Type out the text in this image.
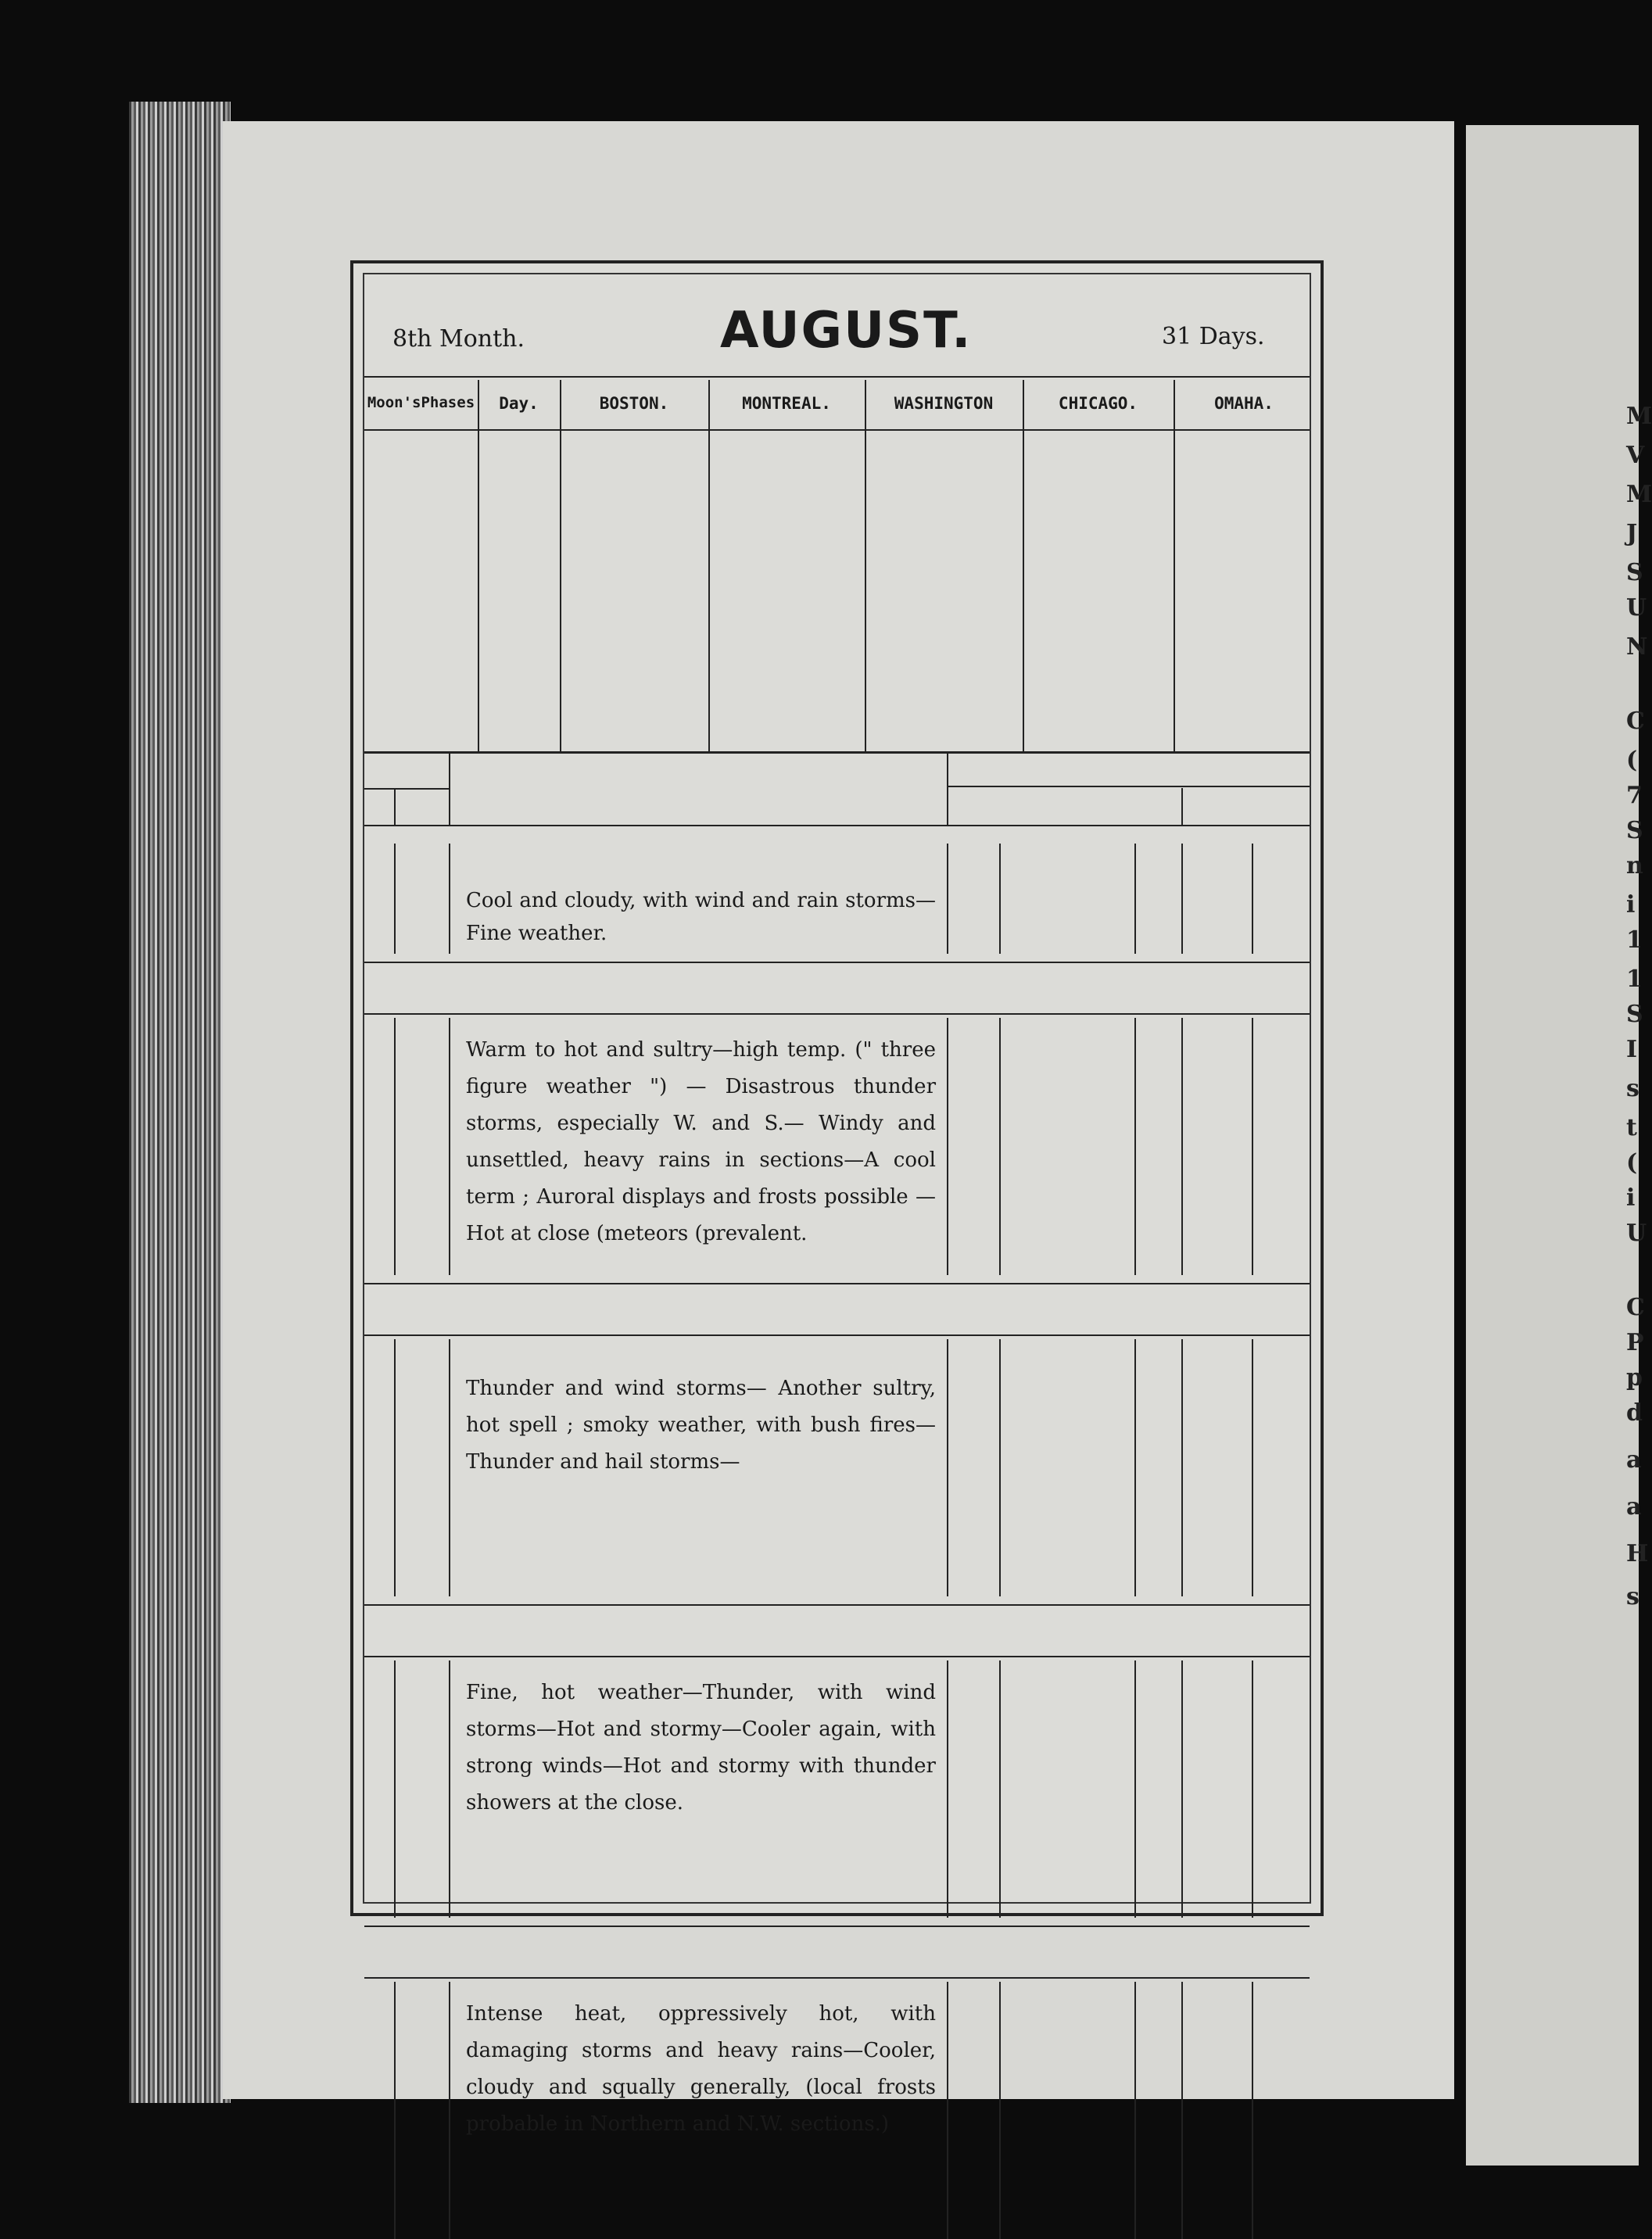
M
V
M
J
S
U
N
C
(
7
S
n
i
1
1
S
I
s
t
(
i
U
C
P
p
d
a
a
H
s
8th Month.	AUGUST.	31 Days.
Moon'sPhases	Day.	BOSTON.	MONTREAL.	WASHINGTON	CHICAGO.	OMAHA.
Cool and cloudy, with wind and rain storms—Fine weather.
Warm to hot and sultry—high temp. (" three figure weather ") — Disastrous thunder storms, especially W. and S.— Windy and unsettled, heavy rains in sections—A cool term ; Auroral displays and frosts possible — Hot at close (meteors (prevalent.
Thunder and wind storms— Another sultry, hot spell ; smoky weather, with bush fires—Thunder and hail storms—
Fine, hot weather—Thunder, with wind storms—Hot and stormy—Cooler again, with strong winds—Hot and stormy with thunder showers at the close.
Intense heat, oppressively hot, with damaging storms and heavy rains—Cooler, cloudy and squally generally, (local frosts probable in Northern and N.W. sections.)
